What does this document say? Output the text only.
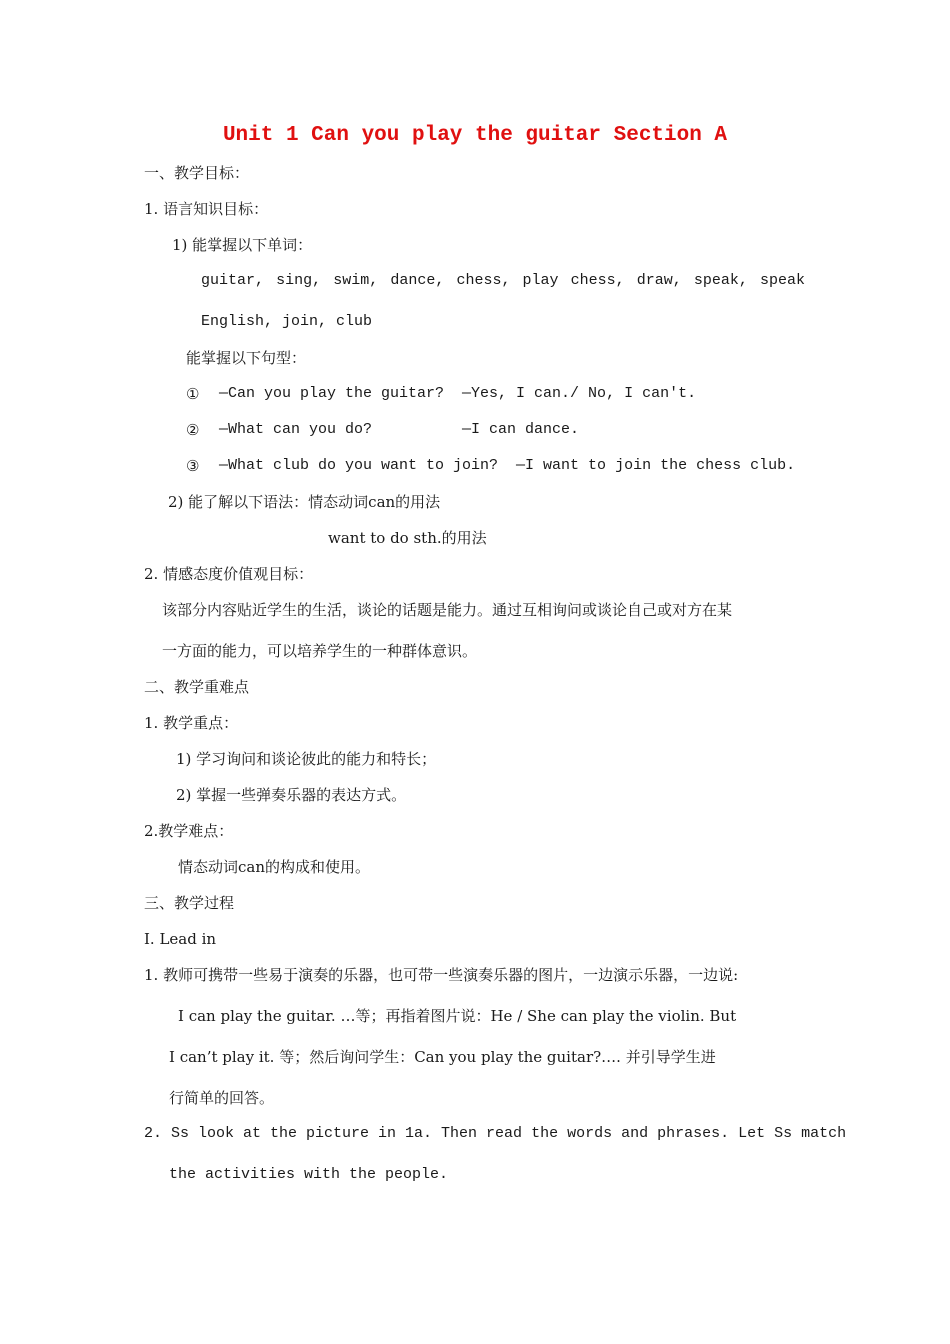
Unit 1 Can you play the guitar Section A
一、教学目标：
1. 语言知识目标：
1) 能掌握以下单词：
guitar, sing, swim, dance, chess, play chess, draw, speak, speak
English, join, club
能掌握以下句型：
① —Can you play the guitar?  —Yes, I can./ No, I can't.
② —What can you do?          —I can dance.
③ —What club do you want to join?  —I want to join the chess club.
2) 能了解以下语法：情态动词can的用法
want to do sth.的用法
2. 情感态度价值观目标：
该部分内容贴近学生的生活，谈论的话题是能力。通过互相询问或谈论自己或对方在某
一方面的能力，可以培养学生的一种群体意识。
二、教学重难点
1. 教学重点：
1) 学习询问和谈论彼此的能力和特长；
2) 掌握一些弹奏乐器的表达方式。
2.教学难点：
情态动词can的构成和使用。
三、教学过程
Ⅰ. Lead in
1. 教师可携带一些易于演奏的乐器，也可带一些演奏乐器的图片，一边演示乐器，一边说:
I can play the guitar. …等；再指着图片说：He / She can play the violin. But
I can’t play it. 等；然后询问学生：Can you play the guitar?…. 并引导学生进
行简单的回答。
2. Ss look at the picture in 1a. Then read the words and phrases. Let Ss match
the activities with the people.
